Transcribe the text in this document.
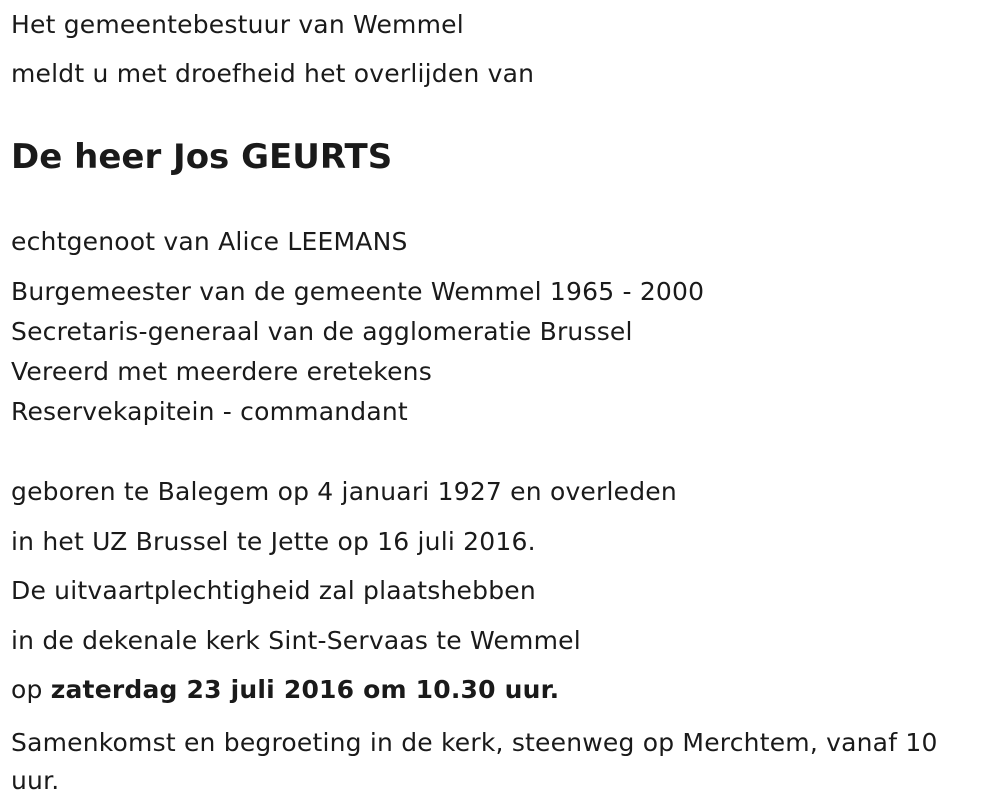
Het gemeentebestuur van Wemmel
meldt u met droefheid het overlijden van
De heer Jos GEURTS
echtgenoot van Alice LEEMANS
Burgemeester van de gemeente Wemmel 1965 - 2000
Secretaris-generaal van de agglomeratie Brussel
Vereerd met meerdere eretekens
Reservekapitein - commandant
geboren te Balegem op 4 januari 1927 en overleden
in het UZ Brussel te Jette op 16 juli 2016.
De uitvaartplechtigheid zal plaatshebben
in de dekenale kerk Sint-Servaas te Wemmel
op zaterdag 23 juli 2016 om 10.30 uur.
Samenkomst en begroeting in de kerk, steenweg op Merchtem, vanaf 10 uur.
